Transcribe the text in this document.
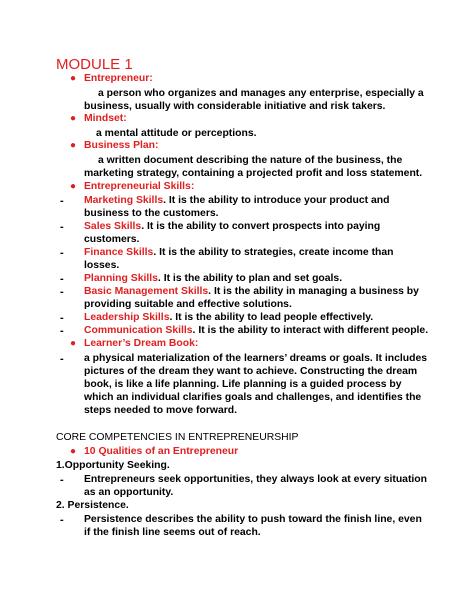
MODULE 1
● Entrepreneur:
a person who organizes and manages any enterprise, especially a
business, usually with considerable initiative and risk takers.
● Mindset:
a mental attitude or perceptions.
● Business Plan:
a written document describing the nature of the business, the
marketing strategy, containing a projected profit and loss statement.
● Entrepreneurial Skills:
- Marketing Skills. It is the ability to introduce your product and
business to the customers.
- Sales Skills. It is the ability to convert prospects into paying
customers.
- Finance Skills. It is the ability to strategies, create income than
losses.
- Planning Skills. It is the ability to plan and set goals.
- Basic Management Skills. It is the ability in managing a business by
providing suitable and effective solutions.
- Leadership Skills. It is the ability to lead people effectively.
- Communication Skills. It is the ability to interact with different people.
● Learner’s Dream Book:
- a physical materialization of the learners’ dreams or goals. It includes
pictures of the dream they want to achieve. Constructing the dream
book, is like a life planning. Life planning is a guided process by
which an individual clarifies goals and challenges, and identifies the
steps needed to move forward.
CORE COMPETENCIES IN ENTREPRENEURSHIP
● 10 Qualities of an Entrepreneur
1.Opportunity Seeking.
- Entrepreneurs seek opportunities, they always look at every situation
as an opportunity.
2. Persistence.
- Persistence describes the ability to push toward the finish line, even
if the finish line seems out of reach.
